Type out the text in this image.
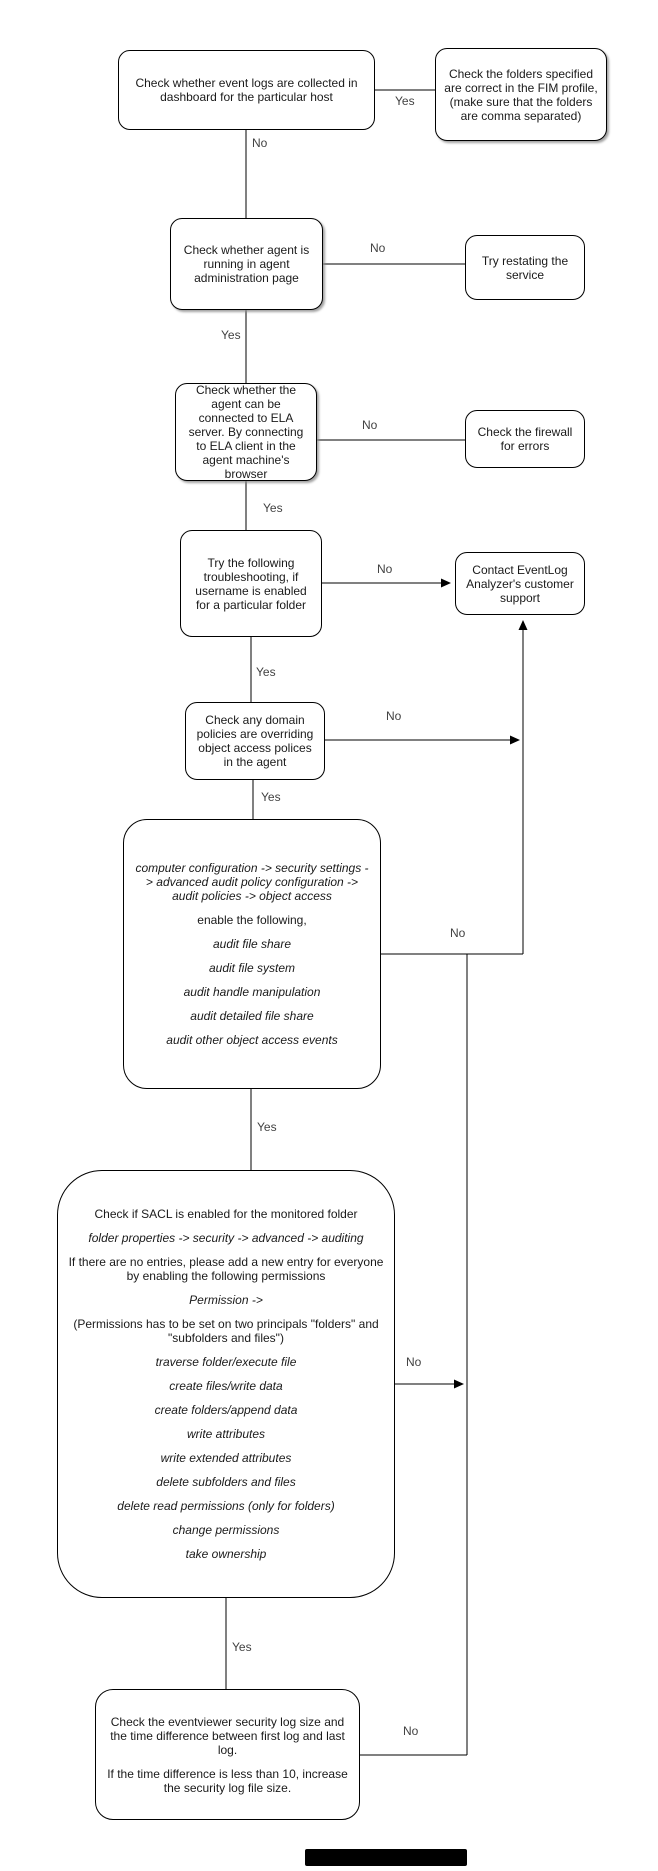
Check whether event logs are collected in dashboard for the particular host
Check the folders specified are correct in the FIM profile, (make sure that the folders are comma separated)
Check whether agent is running in agent administration page
Try restating the service
Check whether the agent can be connected to ELA server. By connecting to ELA client in the agent machine's browser
Check the firewall for errors
Try the following troubleshooting, if username is enabled for a particular folder
Contact EventLog Analyzer's customer support
Check any domain policies are overriding object access polices in the agent

computer configuration -> security settings -> advanced audit policy configuration -> audit policies -> object access

enable the following,

audit file share

audit file system

audit handle manipulation

audit detailed file share

audit other object access events

Check if SACL is enabled for the monitored folder

folder properties -> security -> advanced -> auditing

If there are no entries, please add a new entry for everyone by enabling the following permissions

Permission ->

(Permissions has to be set on two principals "folders" and "subfolders and files")

traverse folder/execute file

create files/write data

create folders/append data

write attributes

write extended attributes

delete subfolders and files

delete read permissions (only for folders)

change permissions

take ownership

Check the eventviewer security log size and the time difference between first log and last log.

If the time difference is less than 10, increase the security log file size.

Yes
No
No
Yes
No
Yes
No
Yes
No
Yes
No
Yes
No
Yes
No
